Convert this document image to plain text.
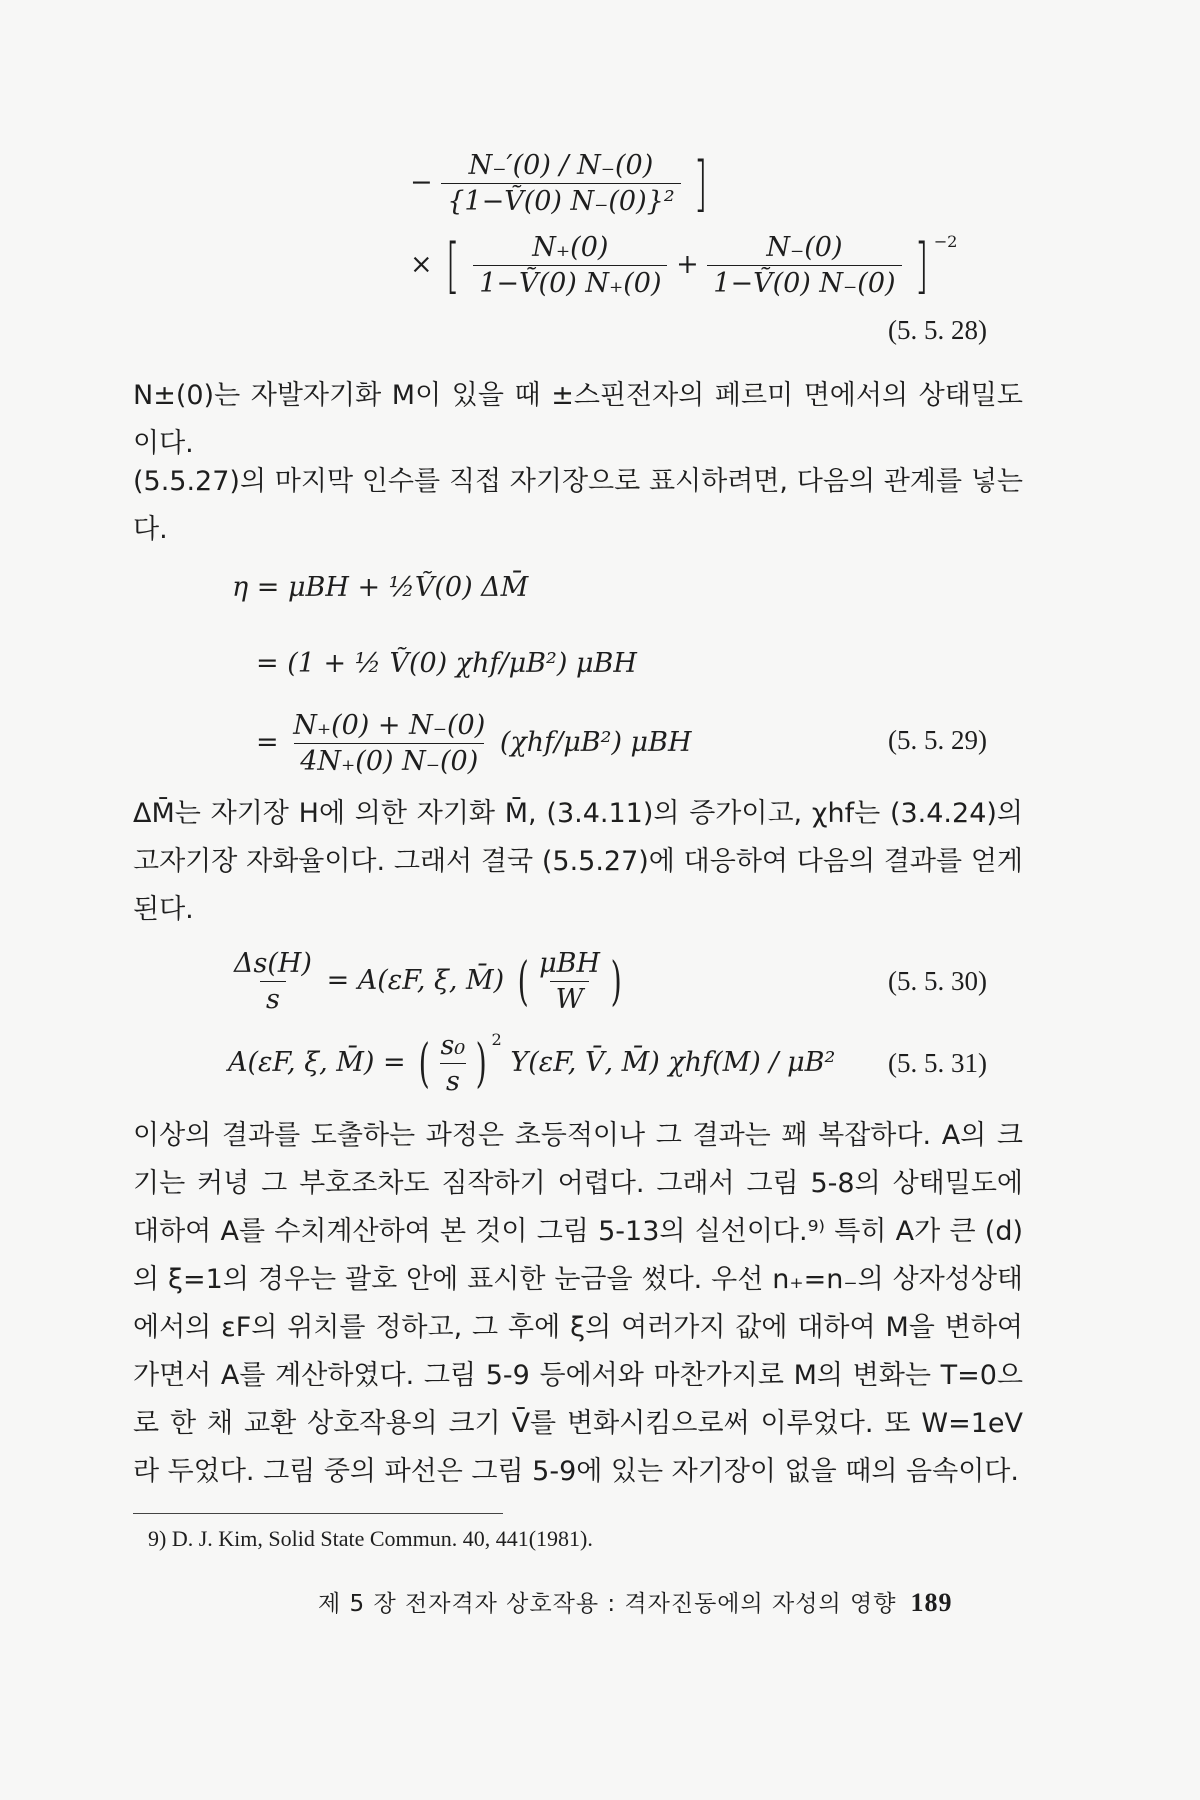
− $\frac{N_-'(0) / N_-(0)}{\text{\{1−Ṽ(0) N₋(0)\}²}}$ ]
× [ $\frac{N_+(0)}{\text{1−Ṽ(0) N₊(0)}} + \frac{N_-(0)}{\text{1−Ṽ(0) N₋(0)}}$ ] $^{-2}$
(5. 5. 28)
N±(0)는 자발자기화 M이 있을 때 ±스핀전자의 페르미 면에서의 상태밀도이다.
(5.5.27)의 마지막 인수를 직접 자기장으로 표시하려면, 다음의 관계를 넣는다.
η = μBH + ½Ṽ(0) ΔM̄
= (1 + ½ Ṽ(0) χhf/μB²) μBH
= $\frac{N_+(0) + N_-(0)}{4N_+(0) N_-(0)} (\chi hf/\mu B^2)$ μBH	(5. 5. 29)
ΔM̄는 자기장 H에 의한 자기화 M̄, (3.4.11)의 증가이고, χhf는 (3.4.24)의 고자기장 자화율이다. 그래서 결국 (5.5.27)에 대응하여 다음의 결과를 얻게 된다.
$\frac{\Delta s(H)}{s} = A(\varepsilon F$, ξ, M̄) ( $\frac{\text{μBH}}{W}$ )	(5. 5. 30)
A(εF, ξ, M̄) = ( $\frac{\text{s₀}}{s}$ ) $^2$ Y(εF, V̄, M̄) χhf(M) / μB² (5. 5. 31)
이상의 결과를 도출하는 과정은 초등적이나 그 결과는 꽤 복잡하다. A의 크기는 커녕 그 부호조차도 짐작하기 어렵다. 그래서 그림 5-8의 상태밀도에 대하여 A를 수치계산하여 본 것이 그림 5-13의 실선이다.⁹⁾ 특히 A가 큰 (d)의 ξ=1의 경우는 괄호 안에 표시한 눈금을 썼다. 우선 n₊=n₋의 상자성상태에서의 εF의 위치를 정하고, 그 후에 ξ의 여러가지 값에 대하여 M을 변하여 가면서 A를 계산하였다. 그림 5-9 등에서와 마찬가지로 M의 변화는 T=0으로 한 채 교환 상호작용의 크기 V̄를 변화시킴으로써 이루었다. 또 W=1eV라 두었다. 그림 중의 파선은 그림 5-9에 있는 자기장이 없을 때의 음속이다.
9) D. J. Kim, Solid State Commun. 40, 441(1981).
제 5 장 전자격자 상호작용 : 격자진동에의 자성의 영향 189
